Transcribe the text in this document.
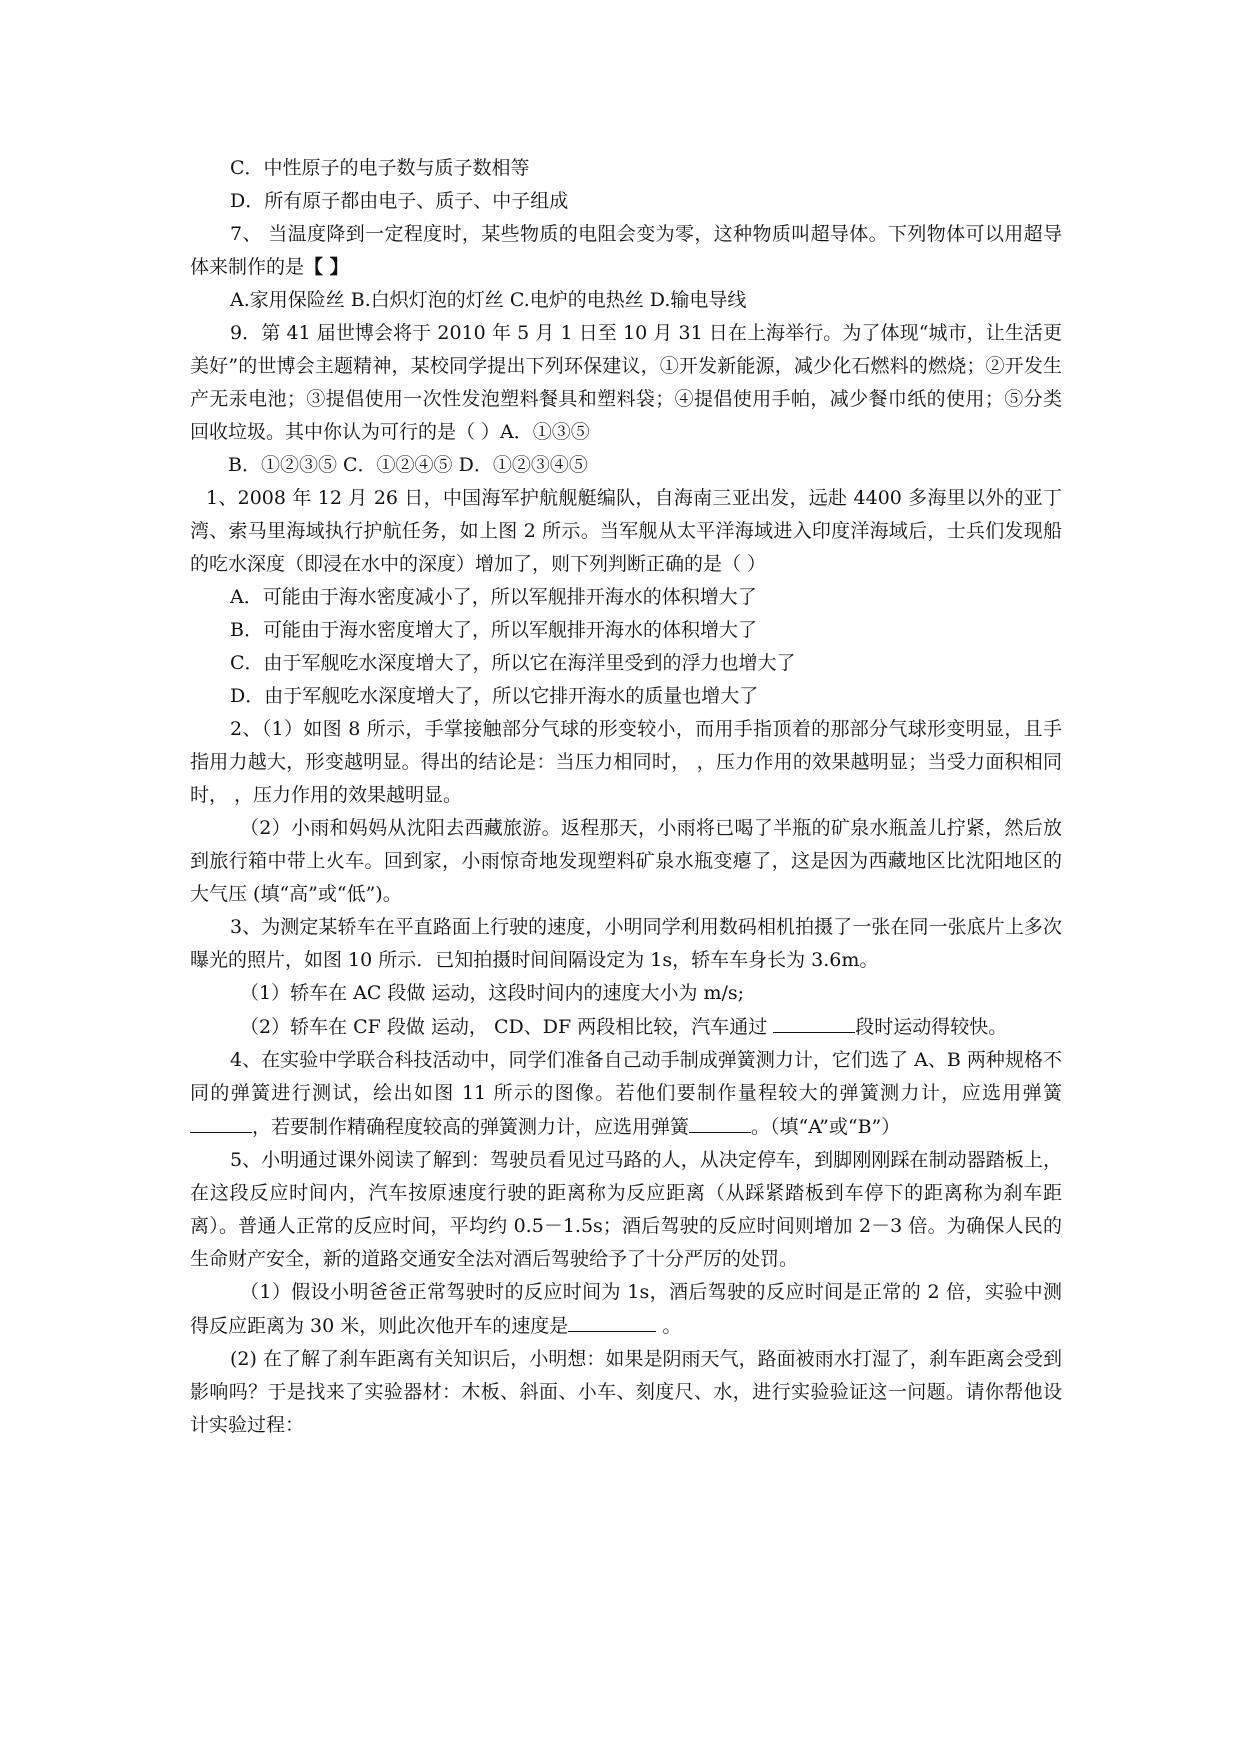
C．中性原子的电子数与质子数相等

D．所有原子都由电子、质子、中子组成

7、 当温度降到一定程度时，某些物质的电阻会变为零，这种物质叫超导体。下列物体可以用超导体来制作的是【 】

A.家用保险丝 B.白炽灯泡的灯丝 C.电炉的电热丝 D.输电导线

9．第 41 届世博会将于 2010 年 5 月 1 日至 10 月 31 日在上海举行。为了体现“城市，让生活更美好”的世博会主题精神，某校同学提出下列环保建议，①开发新能源，减少化石燃料的燃烧；②开发生产无汞电池；③提倡使用一次性发泡塑料餐具和塑料袋；④提倡使用手帕，减少餐巾纸的使用；⑤分类回收垃圾。其中你认为可行的是（ ）A．①③⑤

B．①②③⑤ C．①②④⑤ D．①②③④⑤

1、2008 年 12 月 26 日，中国海军护航舰艇编队，自海南三亚出发，远赴 4400 多海里以外的亚丁湾、索马里海域执行护航任务，如上图 2 所示。当军舰从太平洋海域进入印度洋海域后，士兵们发现船的吃水深度（即浸在水中的深度）增加了，则下列判断正确的是（ ）

A．可能由于海水密度减小了，所以军舰排开海水的体积增大了

B．可能由于海水密度增大了，所以军舰排开海水的体积增大了

C．由于军舰吃水深度增大了，所以它在海洋里受到的浮力也增大了

D．由于军舰吃水深度增大了，所以它排开海水的质量也增大了

2、（1）如图 8 所示，手掌接触部分气球的形变较小，而用手指顶着的那部分气球形变明显，且手指用力越大，形变越明显。得出的结论是：当压力相同时， ，压力作用的效果越明显；当受力面积相同时， ，压力作用的效果越明显。

（2）小雨和妈妈从沈阳去西藏旅游。返程那天，小雨将已喝了半瓶的矿泉水瓶盖儿拧紧，然后放到旅行箱中带上火车。回到家，小雨惊奇地发现塑料矿泉水瓶变瘪了，这是因为西藏地区比沈阳地区的大气压 (填“高”或“低”)。

3、为测定某轿车在平直路面上行驶的速度，小明同学利用数码相机拍摄了一张在同一张底片上多次曝光的照片，如图 10 所示．已知拍摄时间间隔设定为 1s，轿车车身长为 3.6m。

（1）轿车在 AC 段做 运动，这段时间内的速度大小为 m/s;

（2）轿车在 CF 段做 运动， CD、DF 两段相比较，汽车通过	段时运动得较快。

4、在实验中学联合科技活动中，同学们准备自己动手制成弹簧测力计，它们选了 A、B 两种规格不同的弹簧进行测试，绘出如图 11 所示的图像。若他们要制作量程较大的弹簧测力计，应选用弹簧，若要制作精确程度较高的弹簧测力计，应选用弹簧	。（填“A”或“B”）

5、小明通过课外阅读了解到：驾驶员看见过马路的人，从决定停车，到脚刚刚踩在制动器踏板上，在这段反应时间内，汽车按原速度行驶的距离称为反应距离（从踩紧踏板到车停下的距离称为刹车距离）。普通人正常的反应时间，平均约 0.5－1.5s；酒后驾驶的反应时间则增加 2－3 倍。为确保人民的生命财产安全，新的道路交通安全法对酒后驾驶给予了十分严厉的处罚。

（1）假设小明爸爸正常驾驶时的反应时间为 1s，酒后驾驶的反应时间是正常的 2 倍，实验中测得反应距离为 30 米，则此次他开车的速度是	。

(2) 在了解了刹车距离有关知识后，小明想：如果是阴雨天气，路面被雨水打湿了，刹车距离会受到影响吗？于是找来了实验器材：木板、斜面、小车、刻度尺、水，进行实验验证这一问题。请你帮他设计实验过程：
